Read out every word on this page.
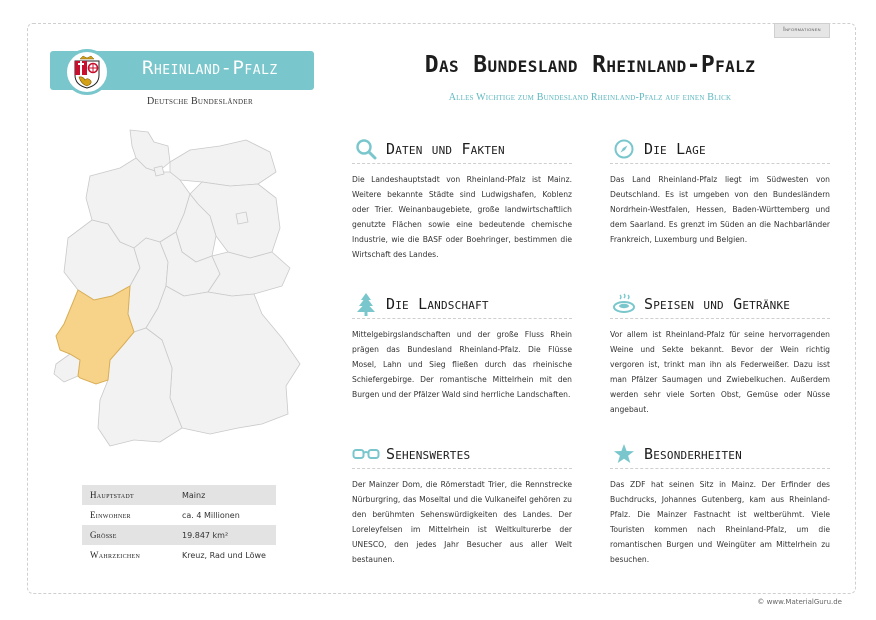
Informationen
Rheinland-Pfalz
Deutsche Bundesländer
Das Bundesland Rheinland-Pfalz
Alles Wichtige zum Bundesland Rheinland-Pfalz auf einen Blick
Hauptstadt	Mainz
Einwohner	ca. 4 Millionen
Größe	19.847 km²
Wahrzeichen	Kreuz, Rad und Löwe
Daten und Fakten
Die Landeshauptstadt von Rheinland-Pfalz ist Mainz. Weitere bekannte Städte sind Ludwigshafen, Koblenz oder Trier. Weinanbaugebiete, große landwirtschaftlich genutzte Flächen sowie eine bedeutende chemische Industrie, wie die BASF oder Boehringer, bestimmen die Wirtschaft des Landes.
Die Lage
Das Land Rheinland-Pfalz liegt im Südwesten von Deutschland. Es ist umgeben von den Bundesländern Nordrhein-Westfalen, Hessen, Baden-Württemberg und dem Saarland. Es grenzt im Süden an die Nachbarländer Frankreich, Luxemburg und Belgien.
Die Landschaft
Mittelgebirgslandschaften und der große Fluss Rhein prägen das Bundesland Rheinland-Pfalz. Die Flüsse Mosel, Lahn und Sieg fließen durch das rheinische Schiefergebirge. Der romantische Mittelrhein mit den Burgen und der Pfälzer Wald sind herrliche Landschaften.
Speisen und Getränke
Vor allem ist Rheinland-Pfalz für seine hervorragenden Weine und Sekte bekannt. Bevor der Wein richtig vergoren ist, trinkt man ihn als Federweißer. Dazu isst man Pfälzer Saumagen und Zwiebelkuchen. Außerdem werden sehr viele Sorten Obst, Gemüse oder Nüsse angebaut.
Sehenswertes
Der Mainzer Dom, die Römerstadt Trier, die Rennstrecke Nürburgring, das Moseltal und die Vulkaneifel gehören zu den berühmten Sehenswürdigkeiten des Landes. Der Loreleyfelsen im Mittelrhein ist Weltkulturerbe der UNESCO, den jedes Jahr Besucher aus aller Welt bestaunen.
Besonderheiten
Das ZDF hat seinen Sitz in Mainz. Der Erfinder des Buchdrucks, Johannes Gutenberg, kam aus Rheinland-Pfalz. Die Mainzer Fastnacht ist weltberühmt. Viele Touristen kommen nach Rheinland-Pfalz, um die romantischen Burgen und Weingüter am Mittelrhein zu besuchen.
© www.MaterialGuru.de
